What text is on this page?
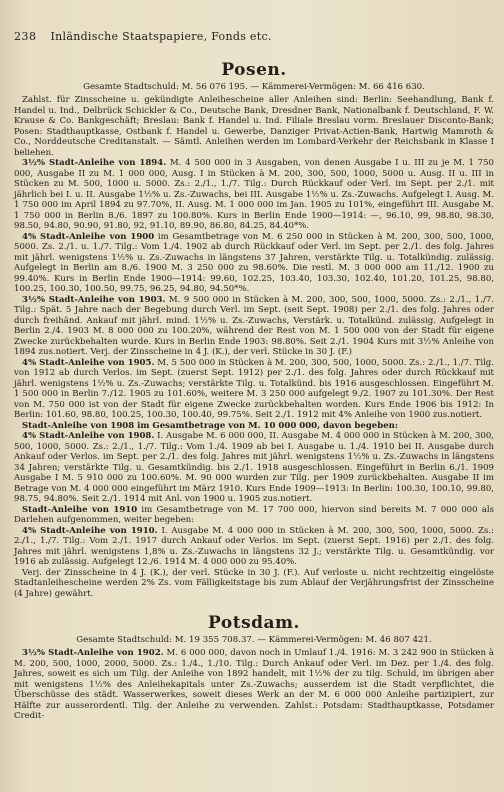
238 Inländische Staatspapiere, Fonds etc.
Posen.

Gesamte Stadtschuld: M. 56 076 195. — Kämmerei-Vermögen: M. 66 416 630.

Zahlst. für Zinsscheine u. gekündigte Anleihescheine aller Anleihen sind: Berlin: Seehandlung, Bank f. Handel u. Ind., Delbrück Schickler & Co., Deutsche Bank, Dresdner Bank, Nationalbank f. Deutschland, F. W. Krause & Co. Bankgeschäft; Breslau: Bank f. Handel u. Ind. Filiale Breslau vorm. Breslauer Disconto-Bank; Posen: Stadthauptkasse, Ostbank f. Handel u. Gewerbe, Danziger Privat-Actien-Bank, Hartwig Mamroth & Co., Norddeutsche Creditanstalt. — Sämtl. Anleihen werden im Lombard-Verkehr der Reichsbank in Klasse I beliehen.

3½% Stadt-Anleihe von 1894. M. 4 500 000 in 3 Ausgaben, von denen Ausgabe I u. III zu je M. 1 750 000, Ausgabe II zu M. 1 000 000, Ausg. I in Stücken à M. 200, 300, 500, 1000, 5000 u. Ausg. II u. III in Stücken zu M. 500, 1000 u. 5000. Zs.: 2./1., 1./7. Tilg.: Durch Rückkauf oder Verl. im Sept. per 2./1. mit jährlich bei I. u. II. Ausgabe 1½% u. Zs.-Zuwachs, bei III. Ausgabe 1½% u. Zs.-Zuwachs. Aufgelegt I. Ausg. M. 1 750 000 im April 1894 zu 97.70%, II. Ausg. M. 1 000 000 im Jan. 1905 zu 101%, eingeführt III. Ausgabe M. 1 750 000 in Berlin 8./6. 1897 zu 100.80%. Kurs in Berlin Ende 1900—1914: —, 96.10, 99, 98.80, 98.30, 98.50, 94.80, 90.90, 91.80, 92, 91.10, 89.90, 86.80, 84.25, 84.40*%.

4% Stadt-Anleihe von 1900 im Gesamtbetrage von M. 6 250 000 in Stücken à M. 200, 300, 500, 1000, 5000. Zs. 2./1. u. 1./7. Tilg.: Vom 1./4. 1902 ab durch Rückkauf oder Verl. im Sept. per 2./1. des folg. Jahres mit jährl. wenigstens 1½% u. Zs.-Zuwachs in längstens 37 Jahren, verstärkte Tilg. u. Totalkündig. zulässig. Aufgelegt in Berlin am 8./6. 1900 M. 3 250 000 zu 98.60%. Die restl. M. 3 000 000 am 11./12. 1900 zu 99.40%. Kurs in Berlin Ende 1900—1914: 99.60, 102.25, 103.40, 103.30, 102.40, 101.20, 101.25, 98.80, 100.25, 100.30, 100.50, 99.75, 96.25, 94.80, 94.50*%.

3½% Stadt-Anleihe von 1903. M. 9 500 000 in Stücken à M. 200, 300, 500, 1000, 5000. Zs.: 2./1., 1./7. Tilg.: Spät. 5 Jahre nach der Begebung durch Verl. im Sept. (seit Sept. 1908) per 2./1. des folg. Jahres oder durch freihänd. Ankauf mit jährl. mind. 1½% u. Zs.-Zuwachs, Verstärk. u. Totalkünd. zulässig. Aufgelegt in Berlin 2./4. 1903 M. 8 000 000 zu 100.20%, während der Rest von M. 1 500 000 von der Stadt für eigene Zwecke zurückbehalten wurde. Kurs in Berlin Ende 1903: 98.80%. Seit 2./1. 1904 Kurs mit 3½% Anleihe von 1894 zus.notiert. Verj. der Zinsscheine in 4 J. (K.), der verl. Stücke in 30 J. (F.)

4% Stadt-Anleihe von 1905. M. 5 500 000 in Stücken à M. 200, 300, 500, 1000, 5000. Zs.: 2./1., 1./7. Tilg. von 1912 ab durch Verlos. im Sept. (zuerst Sept. 1912) per 2./1. des folg. Jahres oder durch Rückkauf mit jährl. wenigstens 1½% u. Zs.-Zuwachs; verstärkte Tilg. u. Totalkünd. bis 1916 ausgeschlossen. Eingeführt M. 1 500 000 in Berlin 7./12. 1905 zu 101.60%, weitere M. 3 250 000 aufgelegt 9./2. 1907 zu 101.30%. Der Rest von M. 750 000 ist von der Stadt für eigene Zwecke zurückbehalten worden. Kurs Ende 1906 bis 1912: In Berlin: 101.60, 98.80, 100.25, 100.30, 100.40, 99.75%. Seit 2./1. 1912 mit 4% Anleihe von 1900 zus.notiert.

Stadt-Anleihe von 1908 im Gesamtbetrage von M. 10 000 000, davon begeben:

4% Stadt-Anleihe von 1908. I. Ausgabe M. 6 000 000, II. Ausgabe M. 4 000 000 in Stücken à M. 200, 300, 500, 1000, 5000. Zs.: 2./1., 1./7. Tilg.: Vom 1./4. 1909 ab bei I. Ausgabe u. 1./4. 1910 bei II. Ausgabe durch Ankauf oder Verlos. im Sept. per 2./1. des folg. Jahres mit jährl. wenigstens 1½% u. Zs.-Zuwachs in längstens 34 Jahren; verstärkte Tilg. u. Gesamtkündig. bis 2./1. 1918 ausgeschlossen. Eingeführt in Berlin 6./1. 1909 Ausgabe I M. 5 910 000 zu 100.60%. M. 90 000 wurden zur Tilg. per 1909 zurückbehalten. Ausgabe II im Betrage von M. 4 000 000 eingeführt im März 1910. Kurs Ende 1909—1913: In Berlin: 100.30, 100.10, 99.80, 98.75, 94.80%. Seit 2./1. 1914 mit Anl. von 1900 u. 1905 zus.notiert.

Stadt-Anleihe von 1910 im Gesamtbetrage von M. 17 700 000, hiervon sind bereits M. 7 000 000 als Darlehen aufgenommen, weiter begeben:

4% Stadt-Anleihe von 1910. I. Ausgabe M. 4 000 000 in Stücken à M. 200, 300, 500, 1000, 5000. Zs.: 2./1., 1./7. Tilg.: Vom 2./1. 1917 durch Ankauf oder Verlos. im Sept. (zuerst Sept. 1916) per 2./1. des folg. Jahres mit jährl. wenigstens 1,8% u. Zs.-Zuwachs in längstens 32 J.; verstärkte Tilg. u. Gesamtkündig. vor 1916 ab zulässig. Aufgelegt 12./6. 1914 M. 4 000 000 zu 95.40%.

Verj. der Zinsscheine in 4 J. (K.), der verl. Stücke in 30 J. (F.). Auf verloste u. nicht rechtzeitig eingelöste Stadtanleihescheine werden 2% Zs. vom Fälligkeitstage bis zum Ablauf der Verjährungsfrist der Zinsscheine (4 Jahre) gewährt.

Potsdam.

Gesamte Stadtschuld: M. 19 355 708.37. — Kämmerei-Vermögen: M. 46 807 421.

3½% Stadt-Anleihe von 1902. M. 6 000 000, davon noch in Umlauf 1./4. 1916: M. 3 242 900 in Stücken à M. 200, 500, 1000, 2000, 5000. Zs.: 1./4., 1./10. Tilg.: Durch Ankauf oder Verl. im Dez. per 1./4. des folg. Jahres, soweit es sich um Tilg. der Anleihe von 1892 handelt, mit 1½% der zu tilg. Schuld, im übrigen aber mit wenigstens 1½% des Anleihekapitals unter Zs.-Zuwachs; ausserdem ist die Stadt verpflichtet, die Überschüsse des städt. Wasserwerkes, soweit dieses Werk an der M. 6 000 000 Anleihe partizipiert, zur Hälfte zur ausserordentl. Tilg. der Anleihe zu verwenden. Zahlst.: Potsdam: Stadthauptkasse, Potsdamer Credit-
